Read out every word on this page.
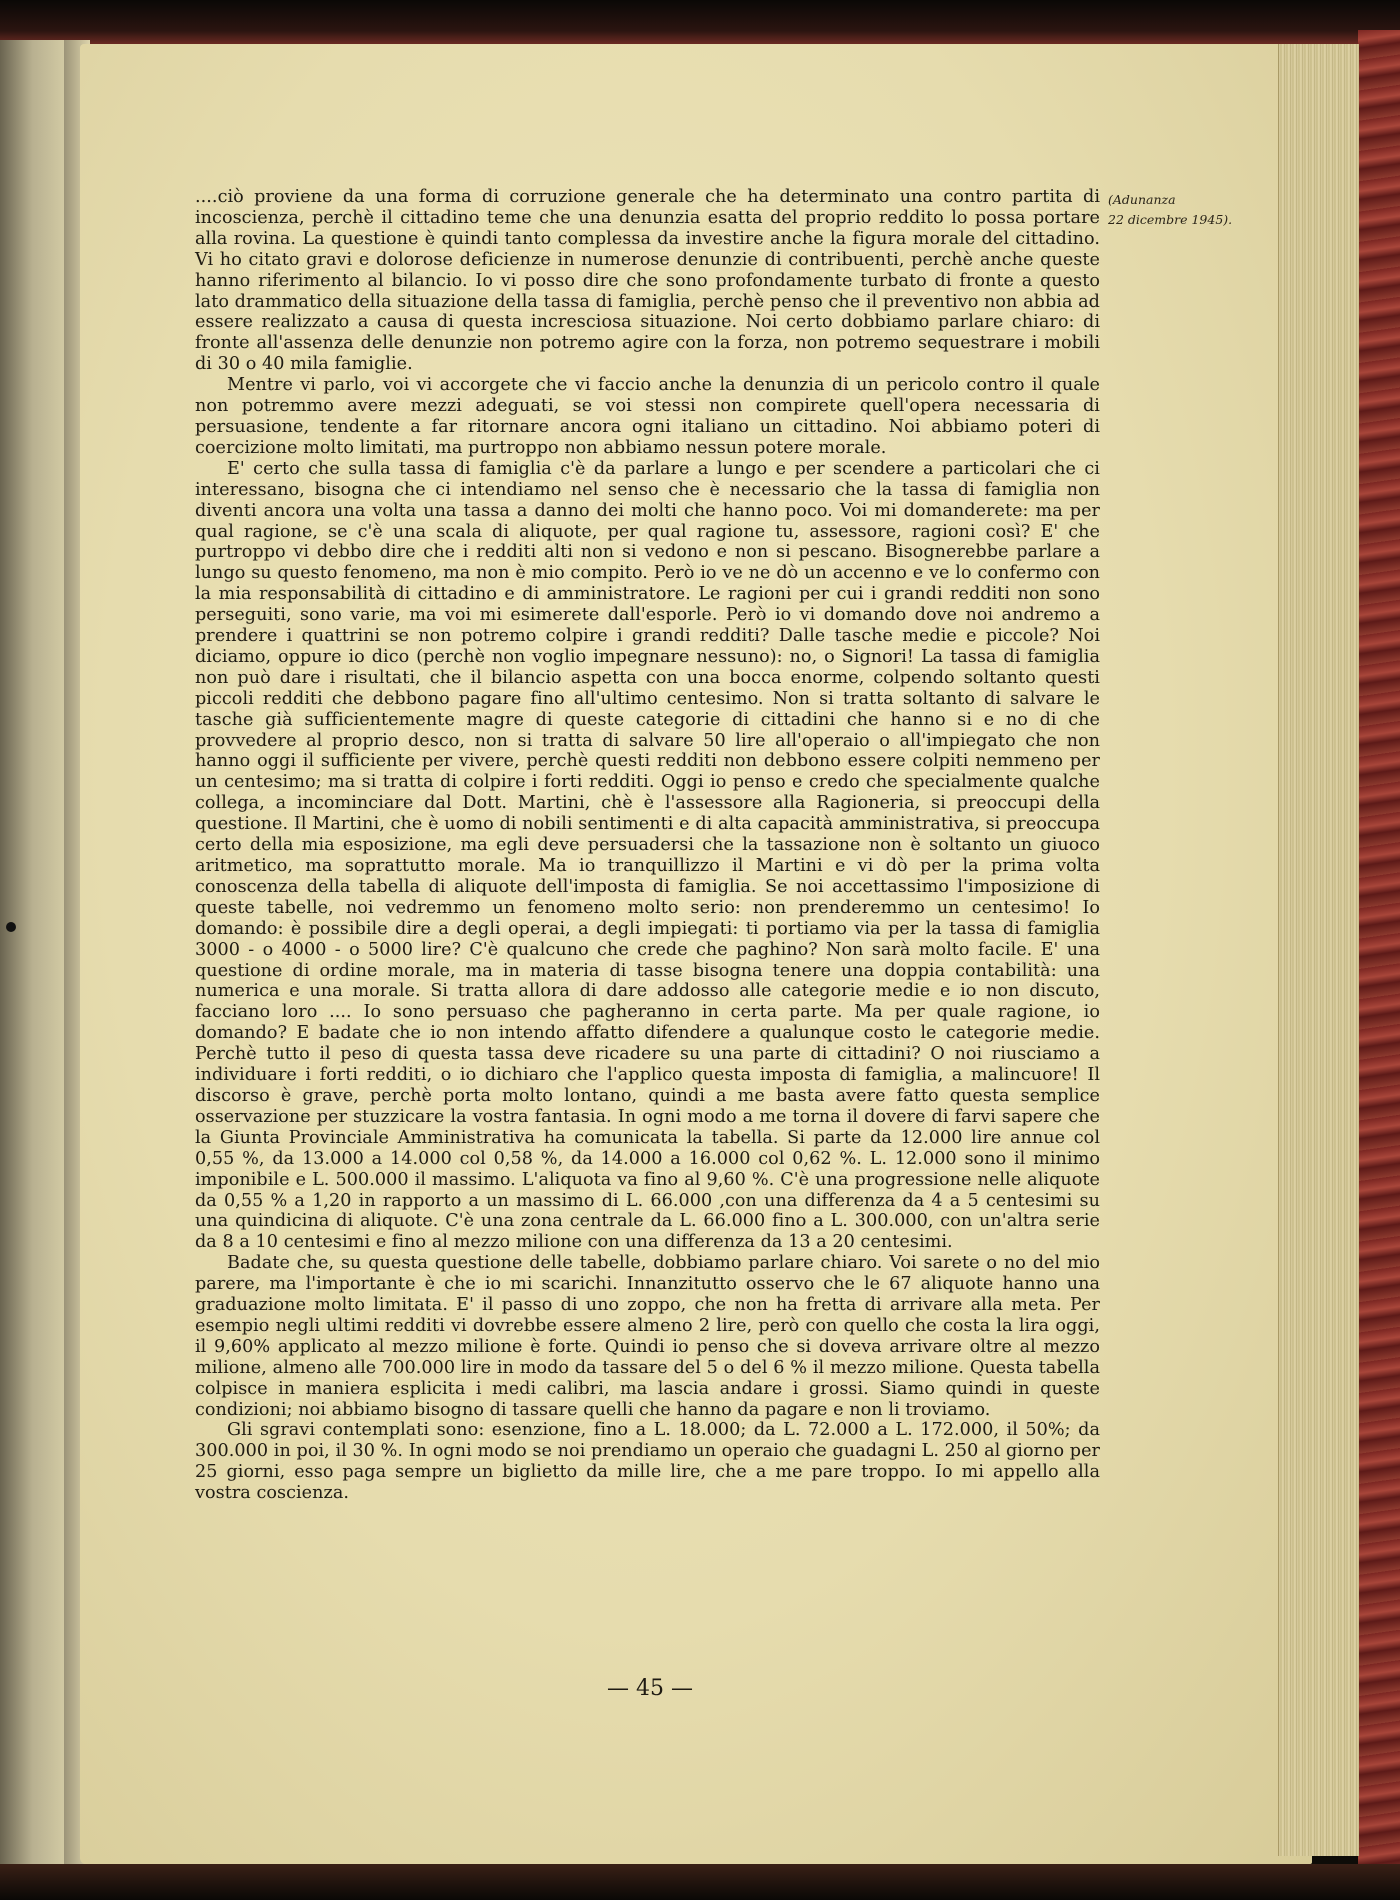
....ciò proviene da una forma di corruzione generale che ha determinato una contro partita di incoscienza, perchè il cittadino teme che una denunzia esatta del proprio reddito lo possa portare alla rovina. La questione è quindi tanto complessa da investire anche la figura morale del cittadino. Vi ho citato gravi e dolorose deficienze in numerose denunzie di contribuenti, perchè anche queste hanno riferimento al bilancio. Io vi posso dire che sono profondamente turbato di fronte a questo lato drammatico della situazione della tassa di famiglia, perchè penso che il preventivo non abbia ad essere realizzato a causa di questa incresciosa situazione. Noi certo dobbiamo parlare chiaro: di fronte all'assenza delle denunzie non potremo agire con la forza, non potremo sequestrare i mobili di 30 o 40 mila famiglie.

Mentre vi parlo, voi vi accorgete che vi faccio anche la denunzia di un pericolo contro il quale non potremmo avere mezzi adeguati, se voi stessi non compirete quell'opera necessaria di persuasione, tendente a far ritornare ancora ogni italiano un cittadino. Noi abbiamo poteri di coercizione molto limitati, ma purtroppo non abbiamo nessun potere morale.

E' certo che sulla tassa di famiglia c'è da parlare a lungo e per scendere a particolari che ci interessano, bisogna che ci intendiamo nel senso che è necessario che la tassa di famiglia non diventi ancora una volta una tassa a danno dei molti che hanno poco. Voi mi domanderete: ma per qual ragione, se c'è una scala di aliquote, per qual ragione tu, assessore, ragioni così? E' che purtroppo vi debbo dire che i redditi alti non si vedono e non si pescano. Bisognerebbe parlare a lungo su questo fenomeno, ma non è mio compito. Però io ve ne dò un accenno e ve lo confermo con la mia responsabilità di cittadino e di amministratore. Le ragioni per cui i grandi redditi non sono perseguiti, sono varie, ma voi mi esimerete dall'esporle. Però io vi domando dove noi andremo a prendere i quattrini se non potremo colpire i grandi redditi? Dalle tasche medie e piccole? Noi diciamo, oppure io dico (perchè non voglio impegnare nessuno): no, o Signori! La tassa di famiglia non può dare i risultati, che il bilancio aspetta con una bocca enorme, colpendo soltanto questi piccoli redditi che debbono pagare fino all'ultimo centesimo. Non si tratta soltanto di salvare le tasche già sufficientemente magre di queste categorie di cittadini che hanno si e no di che provvedere al proprio desco, non si tratta di salvare 50 lire all'operaio o all'impiegato che non hanno oggi il sufficiente per vivere, perchè questi redditi non debbono essere colpiti nemmeno per un centesimo; ma si tratta di colpire i forti redditi. Oggi io penso e credo che specialmente qualche collega, a incominciare dal Dott. Martini, chè è l'assessore alla Ragioneria, si preoccupi della questione. Il Martini, che è uomo di nobili sentimenti e di alta capacità amministrativa, si preoccupa certo della mia esposizione, ma egli deve persuadersi che la tassazione non è soltanto un giuoco aritmetico, ma soprattutto morale. Ma io tranquillizzo il Martini e vi dò per la prima volta conoscenza della tabella di aliquote dell'imposta di famiglia. Se noi accettassimo l'imposizione di queste tabelle, noi vedremmo un fenomeno molto serio: non prenderemmo un centesimo! Io domando: è possibile dire a degli operai, a degli impiegati: ti portiamo via per la tassa di famiglia 3000 - o 4000 - o 5000 lire? C'è qualcuno che crede che paghino? Non sarà molto facile. E' una questione di ordine morale, ma in materia di tasse bisogna tenere una doppia contabilità: una numerica e una morale. Si tratta allora di dare addosso alle categorie medie e io non discuto, facciano loro .... Io sono persuaso che pagheranno in certa parte. Ma per quale ragione, io domando? E badate che io non intendo affatto difendere a qualunque costo le categorie medie. Perchè tutto il peso di questa tassa deve ricadere su una parte di cittadini? O noi riusciamo a individuare i forti redditi, o io dichiaro che l'applico questa imposta di famiglia, a malincuore! Il discorso è grave, perchè porta molto lontano, quindi a me basta avere fatto questa semplice osservazione per stuzzicare la vostra fantasia. In ogni modo a me torna il dovere di farvi sapere che la Giunta Provinciale Amministrativa ha comunicata la tabella. Si parte da 12.000 lire annue col 0,55 %, da 13.000 a 14.000 col 0,58 %, da 14.000 a 16.000 col 0,62 %. L. 12.000 sono il minimo imponibile e L. 500.000 il massimo. L'aliquota va fino al 9,60 %. C'è una progressione nelle aliquote da 0,55 % a 1,20 in rapporto a un massimo di L. 66.000 ,con una differenza da 4 a 5 centesimi su una quindicina di aliquote. C'è una zona centrale da L. 66.000 fino a L. 300.000, con un'altra serie da 8 a 10 centesimi e fino al mezzo milione con una differenza da 13 a 20 centesimi.

Badate che, su questa questione delle tabelle, dobbiamo parlare chiaro. Voi sarete o no del mio parere, ma l'importante è che io mi scarichi. Innanzitutto osservo che le 67 aliquote hanno una graduazione molto limitata. E' il passo di uno zoppo, che non ha fretta di arrivare alla meta. Per esempio negli ultimi redditi vi dovrebbe essere almeno 2 lire, però con quello che costa la lira oggi, il 9,60% applicato al mezzo milione è forte. Quindi io penso che si doveva arrivare oltre al mezzo milione, almeno alle 700.000 lire in modo da tassare del 5 o del 6 % il mezzo milione. Questa tabella colpisce in maniera esplicita i medi calibri, ma lascia andare i grossi. Siamo quindi in queste condizioni; noi abbiamo bisogno di tassare quelli che hanno da pagare e non li troviamo.

Gli sgravi contemplati sono: esenzione, fino a L. 18.000; da L. 72.000 a L. 172.000, il 50%; da 300.000 in poi, il 30 %. In ogni modo se noi prendiamo un operaio che guadagni L. 250 al giorno per 25 giorni, esso paga sempre un biglietto da mille lire, che a me pare troppo. Io mi appello alla vostra coscienza.

(Adunanza
22 dicembre 1945).
— 45 —
